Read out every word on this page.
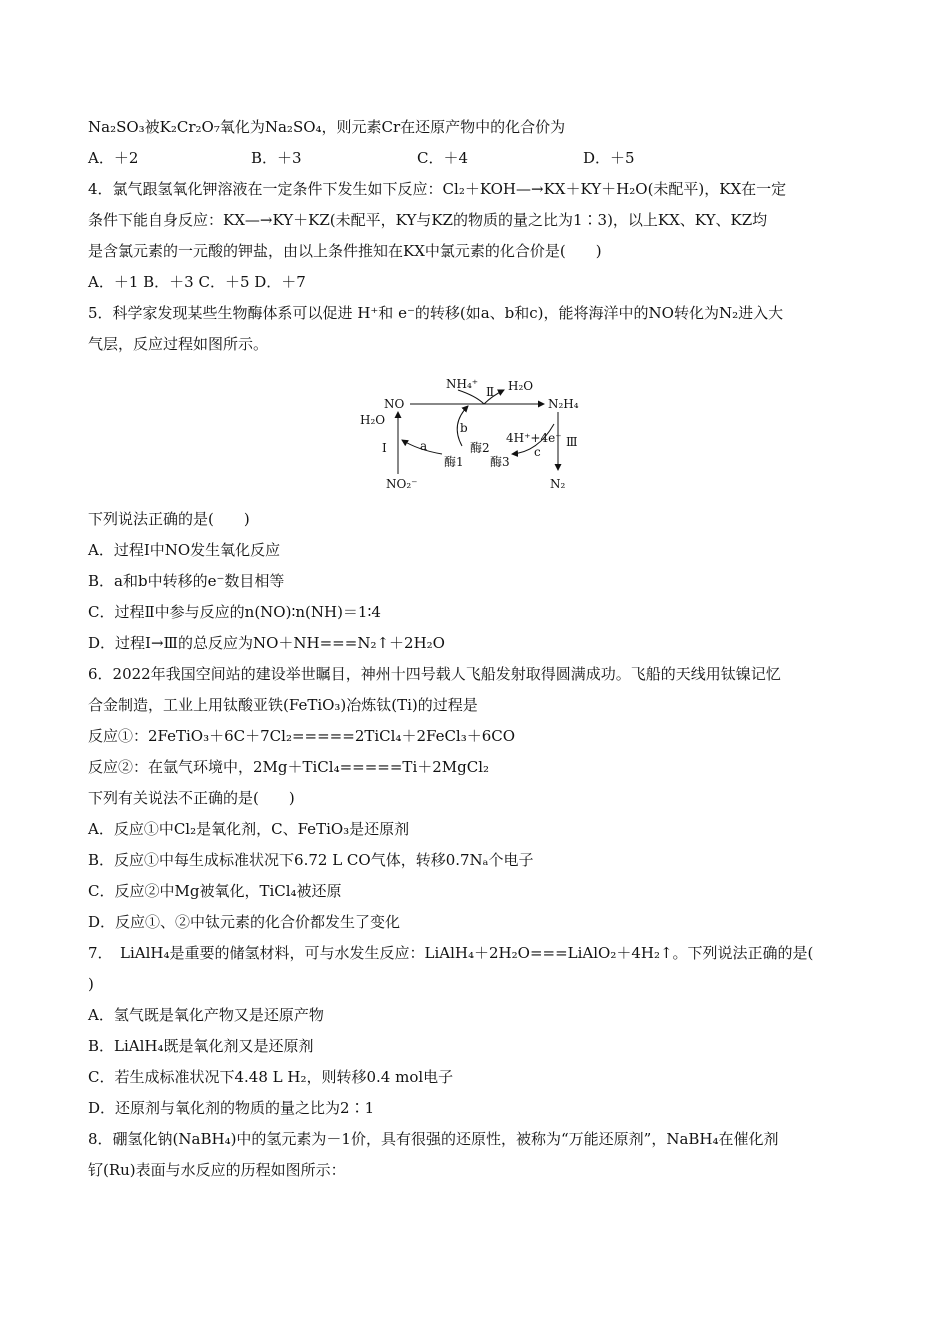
Na₂SO₃被K₂Cr₂O₇氧化为Na₂SO₄，则元素Cr在还原产物中的化合价为
A．＋2	B．＋3	C．＋4	D．＋5
4．氯气跟氢氧化钾溶液在一定条件下发生如下反应：Cl₂＋KOH—→KX＋KY＋H₂O(未配平)，KX在一定
条件下能自身反应：KX—→KY＋KZ(未配平，KY与KZ的物质的量之比为1∶3)，以上KX、KY、KZ均
是含氯元素的一元酸的钾盐，由以上条件推知在KX中氯元素的化合价是(　　)
A．＋1 B．＋3 C．＋5 D．＋7
5．科学家发现某些生物酶体系可以促进 H⁺和 e⁻的转移(如a、b和c)，能将海洋中的NO转化为N₂进入大
气层，反应过程如图所示。
NH₄⁺
Ⅱ H₂O
NO	N₂H₄
H₂O
Ⅰ	a
b
酶2
酶1
4H⁺+4e⁻
c
酶3
Ⅲ
NO₂⁻	N₂
下列说法正确的是(　　)
A．过程Ⅰ中NO发生氧化反应
B．a和b中转移的e⁻数目相等
C．过程Ⅱ中参与反应的n(NO)∶n(NH)＝1∶4
D．过程Ⅰ→Ⅲ的总反应为NO＋NH===N₂↑＋2H₂O
6．2022年我国空间站的建设举世瞩目，神州十四号载人飞船发射取得圆满成功。飞船的天线用钛镍记忆
合金制造，工业上用钛酸亚铁(FeTiO₃)冶炼钛(Ti)的过程是
反应①：2FeTiO₃＋6C＋7Cl₂=====2TiCl₄＋2FeCl₃＋6CO
反应②：在氩气环境中，2Mg＋TiCl₄=====Ti＋2MgCl₂
下列有关说法不正确的是(　　)
A．反应①中Cl₂是氧化剂，C、FeTiO₃是还原剂
B．反应①中每生成标准状况下6.72 L CO气体，转移0.7Nₐ个电子
C．反应②中Mg被氧化，TiCl₄被还原
D．反应①、②中钛元素的化合价都发生了变化
7．　LiAlH₄是重要的储氢材料，可与水发生反应：LiAlH₄＋2H₂O===LiAlO₂＋4H₂↑。下列说法正确的是(
)
A．氢气既是氧化产物又是还原产物
B．LiAlH₄既是氧化剂又是还原剂
C．若生成标准状况下4.48 L H₂，则转移0.4 mol电子
D．还原剂与氧化剂的物质的量之比为2∶1
8．硼氢化钠(NaBH₄)中的氢元素为－1价，具有很强的还原性，被称为“万能还原剂”，NaBH₄在催化剂
钌(Ru)表面与水反应的历程如图所示：
